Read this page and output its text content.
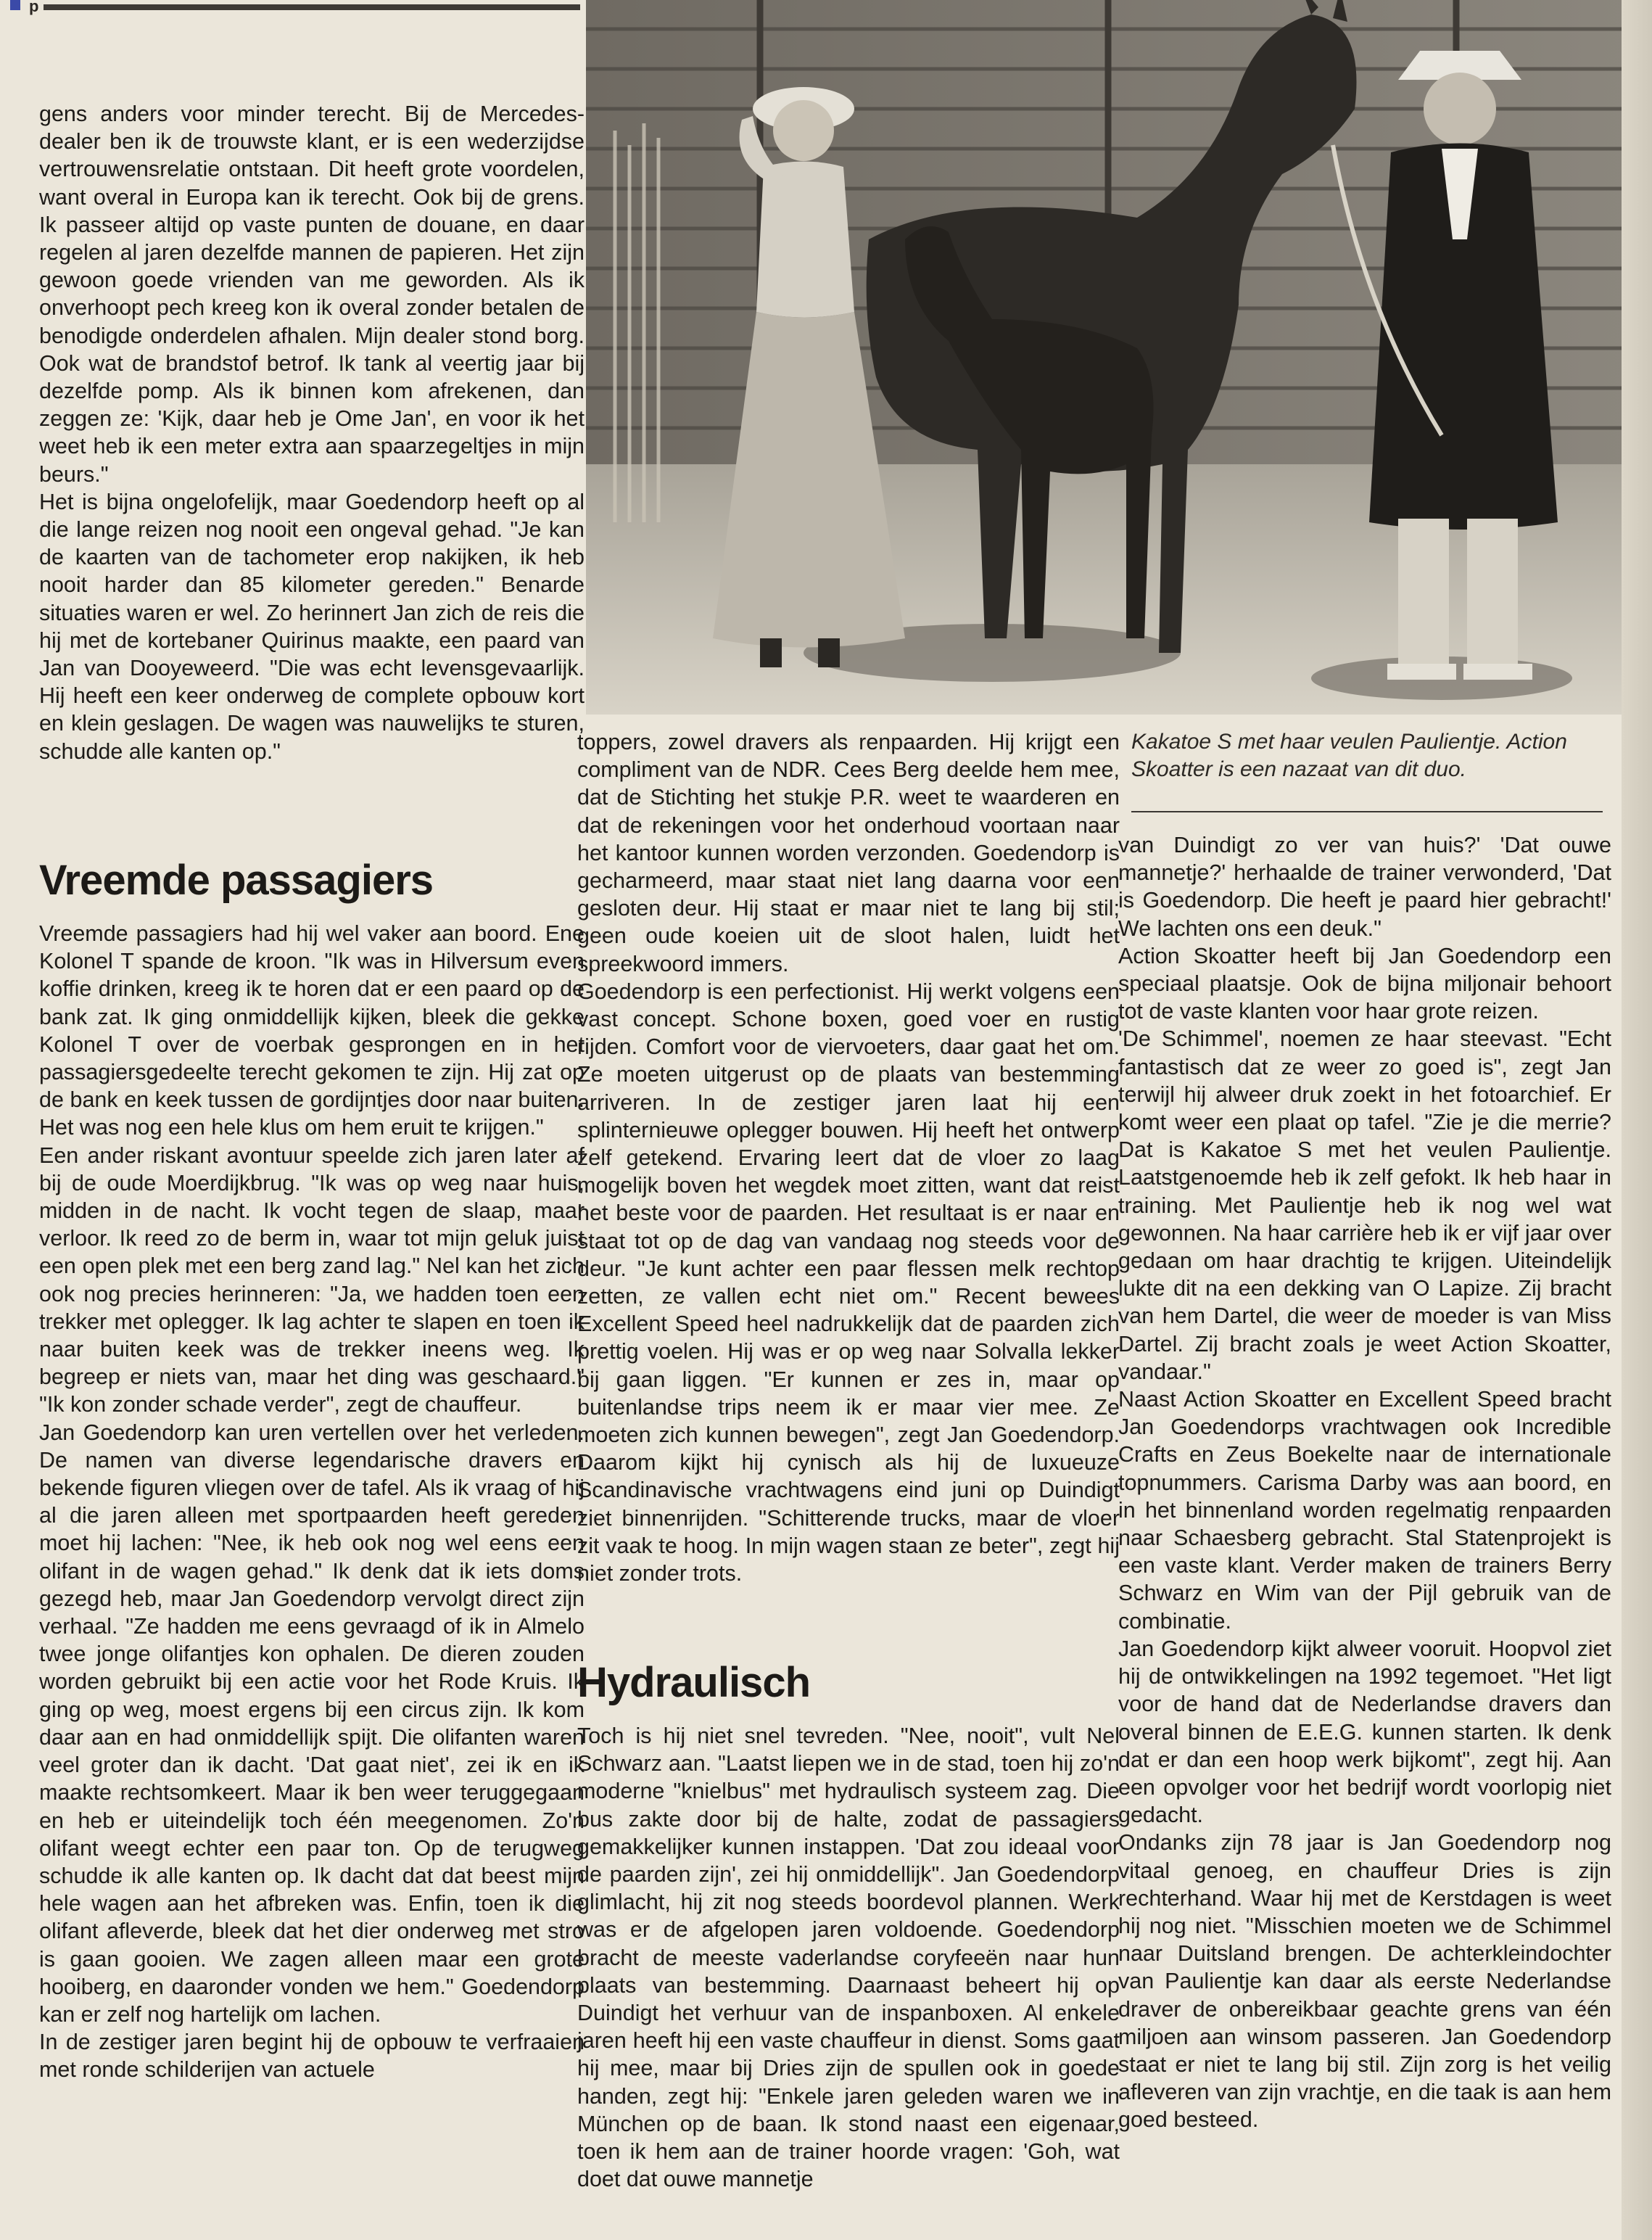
p

gens anders voor minder terecht. Bij de Mercedes-dealer ben ik de trouwste klant, er is een wederzijdse vertrouwensrelatie ontstaan. Dit heeft grote voordelen, want overal in Europa kan ik terecht. Ook bij de grens. Ik passeer altijd op vaste punten de douane, en daar regelen al jaren dezelfde mannen de papieren. Het zijn gewoon goede vrienden van me geworden. Als ik onverhoopt pech kreeg kon ik overal zonder betalen de benodigde onderdelen afhalen. Mijn dealer stond borg. Ook wat de brandstof betrof. Ik tank al veertig jaar bij dezelfde pomp. Als ik binnen kom afrekenen, dan zeggen ze: 'Kijk, daar heb je Ome Jan', en voor ik het weet heb ik een meter extra aan spaarzegeltjes in mijn beurs."

Het is bijna ongelofelijk, maar Goedendorp heeft op al die lange reizen nog nooit een ongeval gehad. "Je kan de kaarten van de tachometer erop nakijken, ik heb nooit harder dan 85 kilometer gereden." Benarde situaties waren er wel. Zo herinnert Jan zich de reis die hij met de kortebaner Quirinus maakte, een paard van Jan van Dooyeweerd. "Die was echt levensgevaarlijk. Hij heeft een keer onderweg de complete opbouw kort en klein geslagen. De wagen was nauwelijks te sturen, schudde alle kanten op."

Vreemde passagiers

Vreemde passagiers had hij wel vaker aan boord. Ene Kolonel T spande de kroon. "Ik was in Hilversum even koffie drinken, kreeg ik te horen dat er een paard op de bank zat. Ik ging onmiddellijk kijken, bleek die gekke Kolonel T over de voerbak gesprongen en in het passagiersgedeelte terecht gekomen te zijn. Hij zat op de bank en keek tussen de gordijntjes door naar buiten. Het was nog een hele klus om hem eruit te krijgen."

Een ander riskant avontuur speelde zich jaren later af bij de oude Moerdijkbrug. "Ik was op weg naar huis, midden in de nacht. Ik vocht tegen de slaap, maar verloor. Ik reed zo de berm in, waar tot mijn geluk juist een open plek met een berg zand lag." Nel kan het zich ook nog precies herinneren: "Ja, we hadden toen een trekker met oplegger. Ik lag achter te slapen en toen ik naar buiten keek was de trekker ineens weg. Ik begreep er niets van, maar het ding was geschaard." "Ik kon zonder schade verder", zegt de chauffeur.

Jan Goedendorp kan uren vertellen over het verleden. De namen van diverse legendarische dravers en bekende figuren vliegen over de tafel. Als ik vraag of hij al die jaren alleen met sportpaarden heeft gereden moet hij lachen: "Nee, ik heb ook nog wel eens een olifant in de wagen gehad." Ik denk dat ik iets doms gezegd heb, maar Jan Goedendorp vervolgt direct zijn verhaal. "Ze hadden me eens gevraagd of ik in Almelo twee jonge olifantjes kon ophalen. De dieren zouden worden gebruikt bij een actie voor het Rode Kruis. Ik ging op weg, moest ergens bij een circus zijn. Ik kom daar aan en had onmiddellijk spijt. Die olifanten waren veel groter dan ik dacht. 'Dat gaat niet', zei ik en ik maakte rechtsomkeert. Maar ik ben weer teruggegaan en heb er uiteindelijk toch één meegenomen. Zo'n olifant weegt echter een paar ton. Op de terugweg schudde ik alle kanten op. Ik dacht dat dat beest mijn hele wagen aan het afbreken was. Enfin, toen ik die olifant afleverde, bleek dat het dier onderweg met stro is gaan gooien. We zagen alleen maar een grote hooiberg, en daaronder vonden we hem." Goedendorp kan er zelf nog hartelijk om lachen.

In de zestiger jaren begint hij de opbouw te verfraaien met ronde schilderijen van actuele

toppers, zowel dravers als renpaarden. Hij krijgt een compliment van de NDR. Cees Berg deelde hem mee, dat de Stichting het stukje P.R. weet te waarderen en dat de rekeningen voor het onderhoud voortaan naar het kantoor kunnen worden verzonden. Goedendorp is gecharmeerd, maar staat niet lang daarna voor een gesloten deur. Hij staat er maar niet te lang bij stil; geen oude koeien uit de sloot halen, luidt het spreekwoord immers.

Goedendorp is een perfectionist. Hij werkt volgens een vast concept. Schone boxen, goed voer en rustig rijden. Comfort voor de viervoeters, daar gaat het om. Ze moeten uitgerust op de plaats van bestemming arriveren. In de zestiger jaren laat hij een splinternieuwe oplegger bouwen. Hij heeft het ontwerp zelf getekend. Ervaring leert dat de vloer zo laag mogelijk boven het wegdek moet zitten, want dat reist het beste voor de paarden. Het resultaat is er naar en staat tot op de dag van vandaag nog steeds voor de deur. "Je kunt achter een paar flessen melk rechtop zetten, ze vallen echt niet om." Recent bewees Excellent Speed heel nadrukkelijk dat de paarden zich prettig voelen. Hij was er op weg naar Solvalla lekker bij gaan liggen. "Er kunnen er zes in, maar op buitenlandse trips neem ik er maar vier mee. Ze moeten zich kunnen bewegen", zegt Jan Goedendorp. Daarom kijkt hij cynisch als hij de luxueuze Scandinavische vrachtwagens eind juni op Duindigt ziet binnenrijden. "Schitterende trucks, maar de vloer zit vaak te hoog. In mijn wagen staan ze beter", zegt hij niet zonder trots.

Hydraulisch

Toch is hij niet snel tevreden. "Nee, nooit", vult Nel Schwarz aan. "Laatst liepen we in de stad, toen hij zo'n moderne "knielbus" met hydraulisch systeem zag. Die bus zakte door bij de halte, zodat de passagiers gemakkelijker kunnen instappen. 'Dat zou ideaal voor de paarden zijn', zei hij onmiddellijk". Jan Goedendorp glimlacht, hij zit nog steeds boordevol plannen. Werk was er de afgelopen jaren voldoende. Goedendorp bracht de meeste vaderlandse coryfeeën naar hun plaats van bestemming. Daarnaast beheert hij op Duindigt het verhuur van de inspanboxen. Al enkele jaren heeft hij een vaste chauffeur in dienst. Soms gaat hij mee, maar bij Dries zijn de spullen ook in goede handen, zegt hij: "Enkele jaren geleden waren we in München op de baan. Ik stond naast een eigenaar, toen ik hem aan de trainer hoorde vragen: 'Goh, wat doet dat ouwe mannetje

Kakatoe S met haar veulen Paulientje. Action Skoatter is een nazaat van dit duo.

van Duindigt zo ver van huis?' 'Dat ouwe mannetje?' herhaalde de trainer verwonderd, 'Dat is Goedendorp. Die heeft je paard hier gebracht!' We lachten ons een deuk."

Action Skoatter heeft bij Jan Goedendorp een speciaal plaatsje. Ook de bijna miljonair behoort tot de vaste klanten voor haar grote reizen.

'De Schimmel', noemen ze haar steevast. "Echt fantastisch dat ze weer zo goed is", zegt Jan terwijl hij alweer druk zoekt in het fotoarchief. Er komt weer een plaat op tafel. "Zie je die merrie? Dat is Kakatoe S met het veulen Paulientje. Laatstgenoemde heb ik zelf gefokt. Ik heb haar in training. Met Paulientje heb ik nog wel wat gewonnen. Na haar carrière heb ik er vijf jaar over gedaan om haar drachtig te krijgen. Uiteindelijk lukte dit na een dekking van O Lapize. Zij bracht van hem Dartel, die weer de moeder is van Miss Dartel. Zij bracht zoals je weet Action Skoatter, vandaar."

Naast Action Skoatter en Excellent Speed bracht Jan Goedendorps vrachtwagen ook Incredible Crafts en Zeus Boekelte naar de internationale topnummers. Carisma Darby was aan boord, en in het binnenland worden regelmatig renpaarden naar Schaesberg gebracht. Stal Statenprojekt is een vaste klant. Verder maken de trainers Berry Schwarz en Wim van der Pijl gebruik van de combinatie.

Jan Goedendorp kijkt alweer vooruit. Hoopvol ziet hij de ontwikkelingen na 1992 tegemoet. "Het ligt voor de hand dat de Nederlandse dravers dan overal binnen de E.E.G. kunnen starten. Ik denk dat er dan een hoop werk bijkomt", zegt hij. Aan een opvolger voor het bedrijf wordt voorlopig niet gedacht.

Ondanks zijn 78 jaar is Jan Goedendorp nog vitaal genoeg, en chauffeur Dries is zijn rechterhand. Waar hij met de Kerstdagen is weet hij nog niet. "Misschien moeten we de Schimmel naar Duitsland brengen. De achterkleindochter van Paulientje kan daar als eerste Nederlandse draver de onbereikbaar geachte grens van één miljoen aan winsom passeren. Jan Goedendorp staat er niet te lang bij stil. Zijn zorg is het veilig afleveren van zijn vrachtje, en die taak is aan hem goed besteed.
